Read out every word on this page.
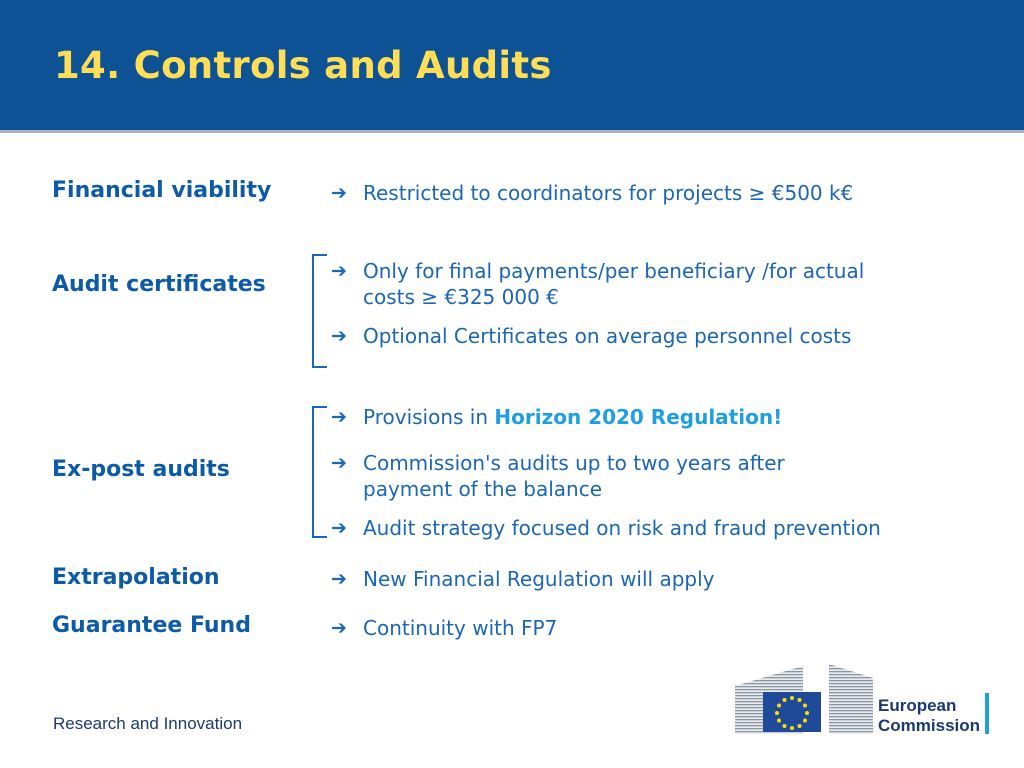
14. Controls and Audits
Financial viability	➔ Restricted to coordinators for projects ≥ €500 k€
Audit certificates
➔ Only for final payments/per beneficiary /for actual
costs ≥ €325 000 €
➔ Optional Certificates on average personnel costs
Ex-post audits
➔ Provisions in Horizon 2020 Regulation!
➔ Commission's audits up to two years after
payment of the balance
➔ Audit strategy focused on risk and fraud prevention
Extrapolation	➔ New Financial Regulation will apply
Guarantee Fund	➔ Continuity with FP7
Research and Innovation
European
Commission
